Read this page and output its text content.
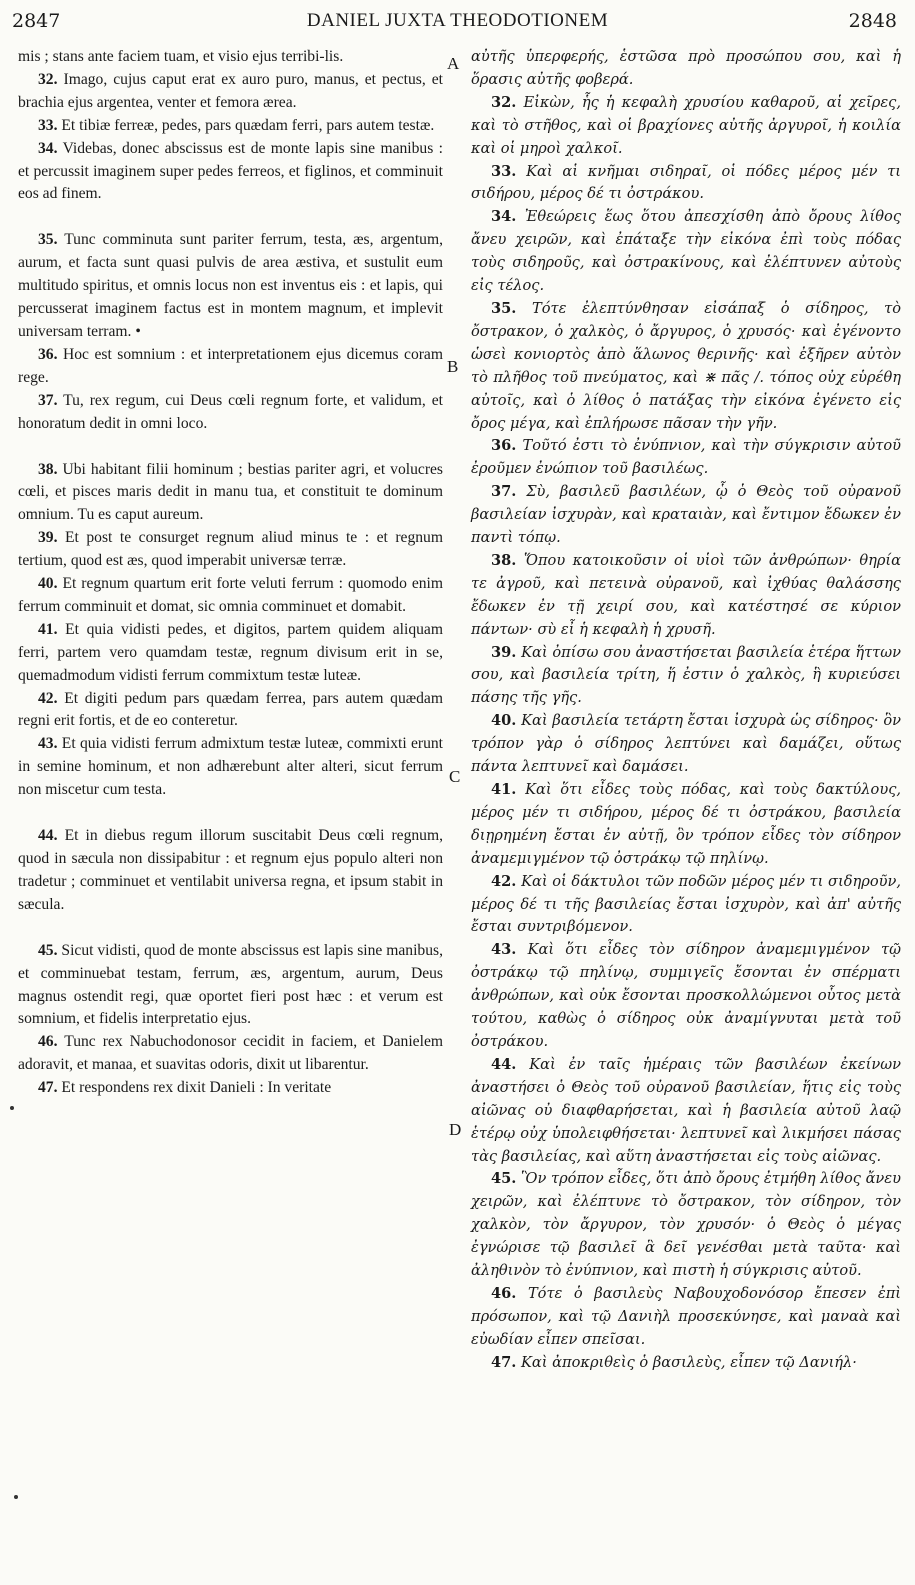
2847	DANIEL JUXTA THEODOTIONEM	2848
A
B
C
D

mis ; stans ante faciem tuam, et visio ejus terribi-lis.

32. Imago, cujus caput erat ex auro puro, manus, et pectus, et brachia ejus argentea, venter et femora ærea.

33. Et tibiæ ferreæ, pedes, pars quædam ferri, pars autem testæ.

34. Videbas, donec abscissus est de monte lapis sine manibus : et percussit imaginem super pedes ferreos, et figlinos, et comminuit eos ad finem.

35. Tunc comminuta sunt pariter ferrum, testa, æs, argentum, aurum, et facta sunt quasi pulvis de area æstiva, et sustulit eum multitudo spiritus, et omnis locus non est inventus eis : et lapis, qui percusserat imaginem factus est in montem magnum, et implevit universam terram. •

36. Hoc est somnium : et interpretationem ejus dicemus coram rege.

37. Tu, rex regum, cui Deus cœli regnum forte, et validum, et honoratum dedit in omni loco.

38. Ubi habitant filii hominum ; bestias pariter agri, et volucres cœli, et pisces maris dedit in manu tua, et constituit te dominum omnium. Tu es caput aureum.

39. Et post te consurget regnum aliud minus te : et regnum tertium, quod est æs, quod imperabit universæ terræ.

40. Et regnum quartum erit forte veluti ferrum : quomodo enim ferrum comminuit et domat, sic omnia comminuet et domabit.

41. Et quia vidisti pedes, et digitos, partem quidem aliquam ferri, partem vero quamdam testæ, regnum divisum erit in se, quemadmodum vidisti ferrum commixtum testæ luteæ.

42. Et digiti pedum pars quædam ferrea, pars autem quædam regni erit fortis, et de eo conteretur.

43. Et quia vidisti ferrum admixtum testæ luteæ, commixti erunt in semine hominum, et non adhærebunt alter alteri, sicut ferrum non miscetur cum testa.

44. Et in diebus regum illorum suscitabit Deus cœli regnum, quod in sæcula non dissipabitur : et regnum ejus populo alteri non tradetur ; comminuet et ventilabit universa regna, et ipsum stabit in sæcula.

45. Sicut vidisti, quod de monte abscissus est lapis sine manibus, et comminuebat testam, ferrum, æs, argentum, aurum, Deus magnus ostendit regi, quæ oportet fieri post hæc : et verum est somnium, et fidelis interpretatio ejus.

46. Tunc rex Nabuchodonosor cecidit in faciem, et Danielem adoravit, et manaa, et suavitas odoris, dixit ut libarentur.

47. Et respondens rex dixit Danieli : In veritate

αὐτῆς ὑπερφερής, ἑστῶσα πρὸ προσώπου σου, καὶ ἡ ὅρασις αὐτῆς φοβερά.

32. Εἰκὼν, ἧς ἡ κεφαλὴ χρυσίου καθαροῦ, αἱ χεῖρες, καὶ τὸ στῆθος, καὶ οἱ βραχίονες αὐτῆς ἀργυροῖ, ἡ κοιλία καὶ οἱ μηροὶ χαλκοῖ.

33. Καὶ αἱ κνῆμαι σιδηραῖ, οἱ πόδες μέρος μέν τι σιδήρου, μέρος δέ τι ὀστράκου.

34. Ἐθεώρεις ἕως ὅτου ἀπεσχίσθη ἀπὸ ὄρους λίθος ἄνευ χειρῶν, καὶ ἐπάταξε τὴν εἰκόνα ἐπὶ τοὺς πόδας τοὺς σιδηροῦς, καὶ ὀστρακίνους, καὶ ἐλέπτυνεν αὐτοὺς εἰς τέλος.

35. Τότε ἐλεπτύνθησαν εἰσάπαξ ὁ σίδηρος, τὸ ὄστρακον, ὁ χαλκὸς, ὁ ἄργυρος, ὁ χρυσός· καὶ ἐγένοντο ὡσεὶ κονιορτὸς ἀπὸ ἅλωνος θερινῆς· καὶ ἐξῆρεν αὐτὸν τὸ πλῆθος τοῦ πνεύματος, καὶ ⋇ πᾶς /. τόπος οὐχ εὑρέθη αὐτοῖς, καὶ ὁ λίθος ὁ πατάξας τὴν εἰκόνα ἐγένετο εἰς ὄρος μέγα, καὶ ἐπλήρωσε πᾶσαν τὴν γῆν.

36. Τοῦτό ἐστι τὸ ἐνύπνιον, καὶ τὴν σύγκρισιν αὐτοῦ ἐροῦμεν ἐνώπιον τοῦ βασιλέως.

37. Σὺ, βασιλεῦ βασιλέων, ᾧ ὁ Θεὸς τοῦ οὐρανοῦ βασιλείαν ἰσχυρὰν, καὶ κραταιὰν, καὶ ἔντιμον ἔδωκεν ἐν παντὶ τόπῳ.

38. Ὅπου κατοικοῦσιν οἱ υἱοὶ τῶν ἀνθρώπων· θηρία τε ἀγροῦ, καὶ πετεινὰ οὐρανοῦ, καὶ ἰχθύας θαλάσσης ἔδωκεν ἐν τῇ χειρί σου, καὶ κατέστησέ σε κύριον πάντων· σὺ εἶ ἡ κεφαλὴ ἡ χρυσῆ.

39. Καὶ ὀπίσω σου ἀναστήσεται βασιλεία ἑτέρα ἥττων σου, καὶ βασιλεία τρίτη, ἥ ἐστιν ὁ χαλκὸς, ἣ κυριεύσει πάσης τῆς γῆς.

40. Καὶ βασιλεία τετάρτη ἔσται ἰσχυρὰ ὡς σίδηρος· ὃν τρόπον γὰρ ὁ σίδηρος λεπτύνει καὶ δαμάζει, οὕτως πάντα λεπτυνεῖ καὶ δαμάσει.

41. Καὶ ὅτι εἶδες τοὺς πόδας, καὶ τοὺς δακτύλους, μέρος μέν τι σιδήρου, μέρος δέ τι ὀστράκου, βασιλεία διῃρημένη ἔσται ἐν αὐτῇ, ὃν τρόπον εἶδες τὸν σίδηρον ἀναμεμιγμένον τῷ ὀστράκῳ τῷ πηλίνῳ.

42. Καὶ οἱ δάκτυλοι τῶν ποδῶν μέρος μέν τι σιδηροῦν, μέρος δέ τι τῆς βασιλείας ἔσται ἰσχυρὸν, καὶ ἀπ' αὐτῆς ἔσται συντριβόμενον.

43. Καὶ ὅτι εἶδες τὸν σίδηρον ἀναμεμιγμένον τῷ ὀστράκῳ τῷ πηλίνῳ, συμμιγεῖς ἔσονται ἐν σπέρματι ἀνθρώπων, καὶ οὐκ ἔσονται προσκολλώμενοι οὗτος μετὰ τούτου, καθὼς ὁ σίδηρος οὐκ ἀναμίγνυται μετὰ τοῦ ὀστράκου.

44. Καὶ ἐν ταῖς ἡμέραις τῶν βασιλέων ἐκείνων ἀναστήσει ὁ Θεὸς τοῦ οὐρανοῦ βασιλείαν, ἥτις εἰς τοὺς αἰῶνας οὐ διαφθαρήσεται, καὶ ἡ βασιλεία αὐτοῦ λαῷ ἑτέρῳ οὐχ ὑπολειφθήσεται· λεπτυνεῖ καὶ λικμήσει πάσας τὰς βασιλείας, καὶ αὕτη ἀναστήσεται εἰς τοὺς αἰῶνας.

45. Ὃν τρόπον εἶδες, ὅτι ἀπὸ ὄρους ἐτμήθη λίθος ἄνευ χειρῶν, καὶ ἐλέπτυνε τὸ ὄστρακον, τὸν σίδηρον, τὸν χαλκὸν, τὸν ἄργυρον, τὸν χρυσόν· ὁ Θεὸς ὁ μέγας ἐγνώρισε τῷ βασιλεῖ ἃ δεῖ γενέσθαι μετὰ ταῦτα· καὶ ἀληθινὸν τὸ ἐνύπνιον, καὶ πιστὴ ἡ σύγκρισις αὐτοῦ.

46. Τότε ὁ βασιλεὺς Ναβουχοδονόσορ ἔπεσεν ἐπὶ πρόσωπον, καὶ τῷ Δανιὴλ προσεκύνησε, καὶ μαναὰ καὶ εὐωδίαν εἶπεν σπεῖσαι.

47. Καὶ ἀποκριθεὶς ὁ βασιλεὺς, εἶπεν τῷ Δανιήλ·
